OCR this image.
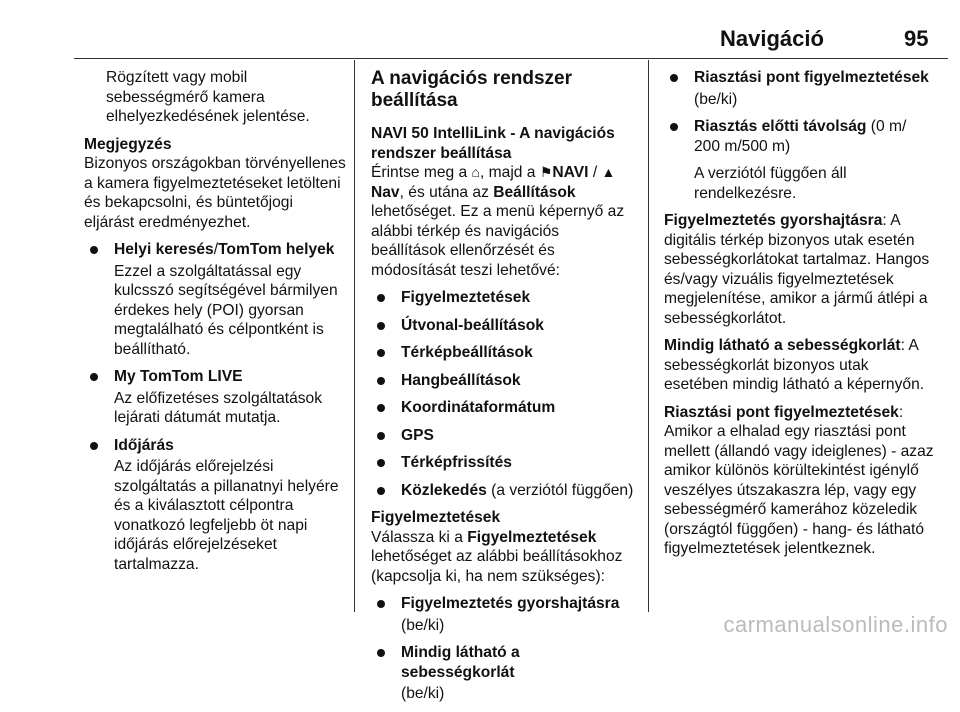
Navigáció	95

Rögzített vagy mobil sebességmérő kamera elhelyezkedésének jelentése.

Megjegyzés
Bizonyos országokban törvényellenes a kamera figyelmeztetéseket letölteni és bekapcsolni, és büntetőjogi eljárást eredményezhet.
Helyi keresés/TomTom helyek
Ezzel a szolgáltatással egy kulcsszó segítségével bármilyen érdekes hely (POI) gyorsan megtalálható és célpontként is beállítható.
My TomTom LIVE
Az előfizetéses szolgáltatások lejárati dátumát mutatja.
Időjárás
Az időjárás előrejelzési szolgáltatás a pillanatnyi helyére és a kiválasztott célpontra vonatkozó legfeljebb öt napi időjárás előrejelzéseket tartalmazza.
A navigációs rendszer beállítása
NAVI 50 IntelliLink - A navigációs rendszer beállítása

Érintse meg a ⌂, majd a ⚑NAVI / ▲Nav, és utána az Beállítások lehetőséget. Ez a menü képernyő az alábbi térkép és navigációs beállítások ellenőrzését és módosítását teszi lehetővé:

Figyelmeztetések
Útvonal-beállítások
Térképbeállítások
Hangbeállítások
Koordinátaformátum
GPS
Térképfrissítés
Közlekedés (a verziótól függően)
Figyelmeztetések
Válassza ki a Figyelmeztetések lehetőséget az alábbi beállításokhoz (kapcsolja ki, ha nem szükséges):
Figyelmeztetés gyorshajtásra
(be/ki)
Mindig látható a sebességkorlát
(be/ki)
Riasztási pont figyelmeztetések
(be/ki)
Riasztás előtti távolság (0 m/ 200 m/500 m)
A verziótól függően áll rendelkezésre.

Figyelmeztetés gyorshajtásra: A digitális térkép bizonyos utak esetén sebességkorlátokat tartalmaz. Hangos és/vagy vizuális figyelmeztetések megjelenítése, amikor a jármű átlépi a sebességkorlátot.

Mindig látható a sebességkorlát: A sebességkorlát bizonyos utak esetében mindig látható a képernyőn.

Riasztási pont figyelmeztetések: Amikor a elhalad egy riasztási pont mellett (állandó vagy ideiglenes) - azaz amikor különös körültekintést igénylő veszélyes útszakaszra lép, vagy egy sebességmérő kamerához közeledik (országtól függően) - hang- és látható figyelmeztetések jelentkeznek.

carmanualsonline.info
